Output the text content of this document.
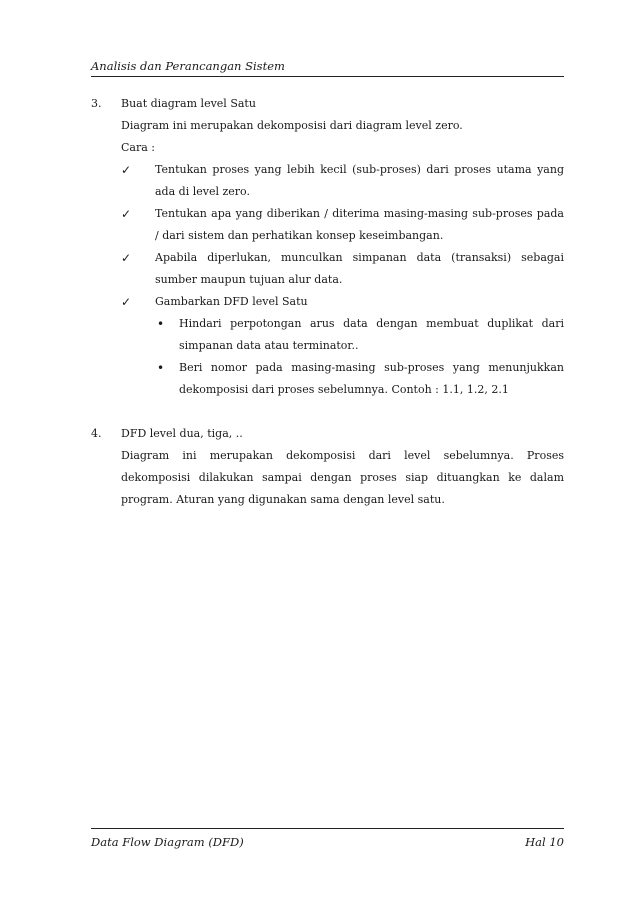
Analisis dan Perancangan Sistem
3. Buat diagram level Satu
Diagram ini merupakan dekomposisi dari diagram level zero.
Cara :
✓ Tentukan proses yang lebih kecil (sub-proses) dari proses utama yang ada di level zero.
✓ Tentukan apa yang diberikan / diterima masing-masing sub-proses pada / dari sistem dan perhatikan konsep keseimbangan.
✓ Apabila diperlukan, munculkan simpanan data (transaksi) sebagai sumber maupun tujuan alur data.
✓ Gambarkan DFD level Satu
• Hindari perpotongan arus data dengan membuat duplikat dari simpanan data atau terminator..
• Beri nomor pada masing-masing sub-proses yang menunjukkan dekomposisi dari proses sebelumnya. Contoh : 1.1, 1.2, 2.1
4. DFD level dua, tiga, ..
Diagram ini merupakan dekomposisi dari level sebelumnya. Proses dekomposisi dilakukan sampai dengan proses siap dituangkan ke dalam program. Aturan yang digunakan sama dengan level satu.
Data Flow Diagram (DFD)	Hal 10
